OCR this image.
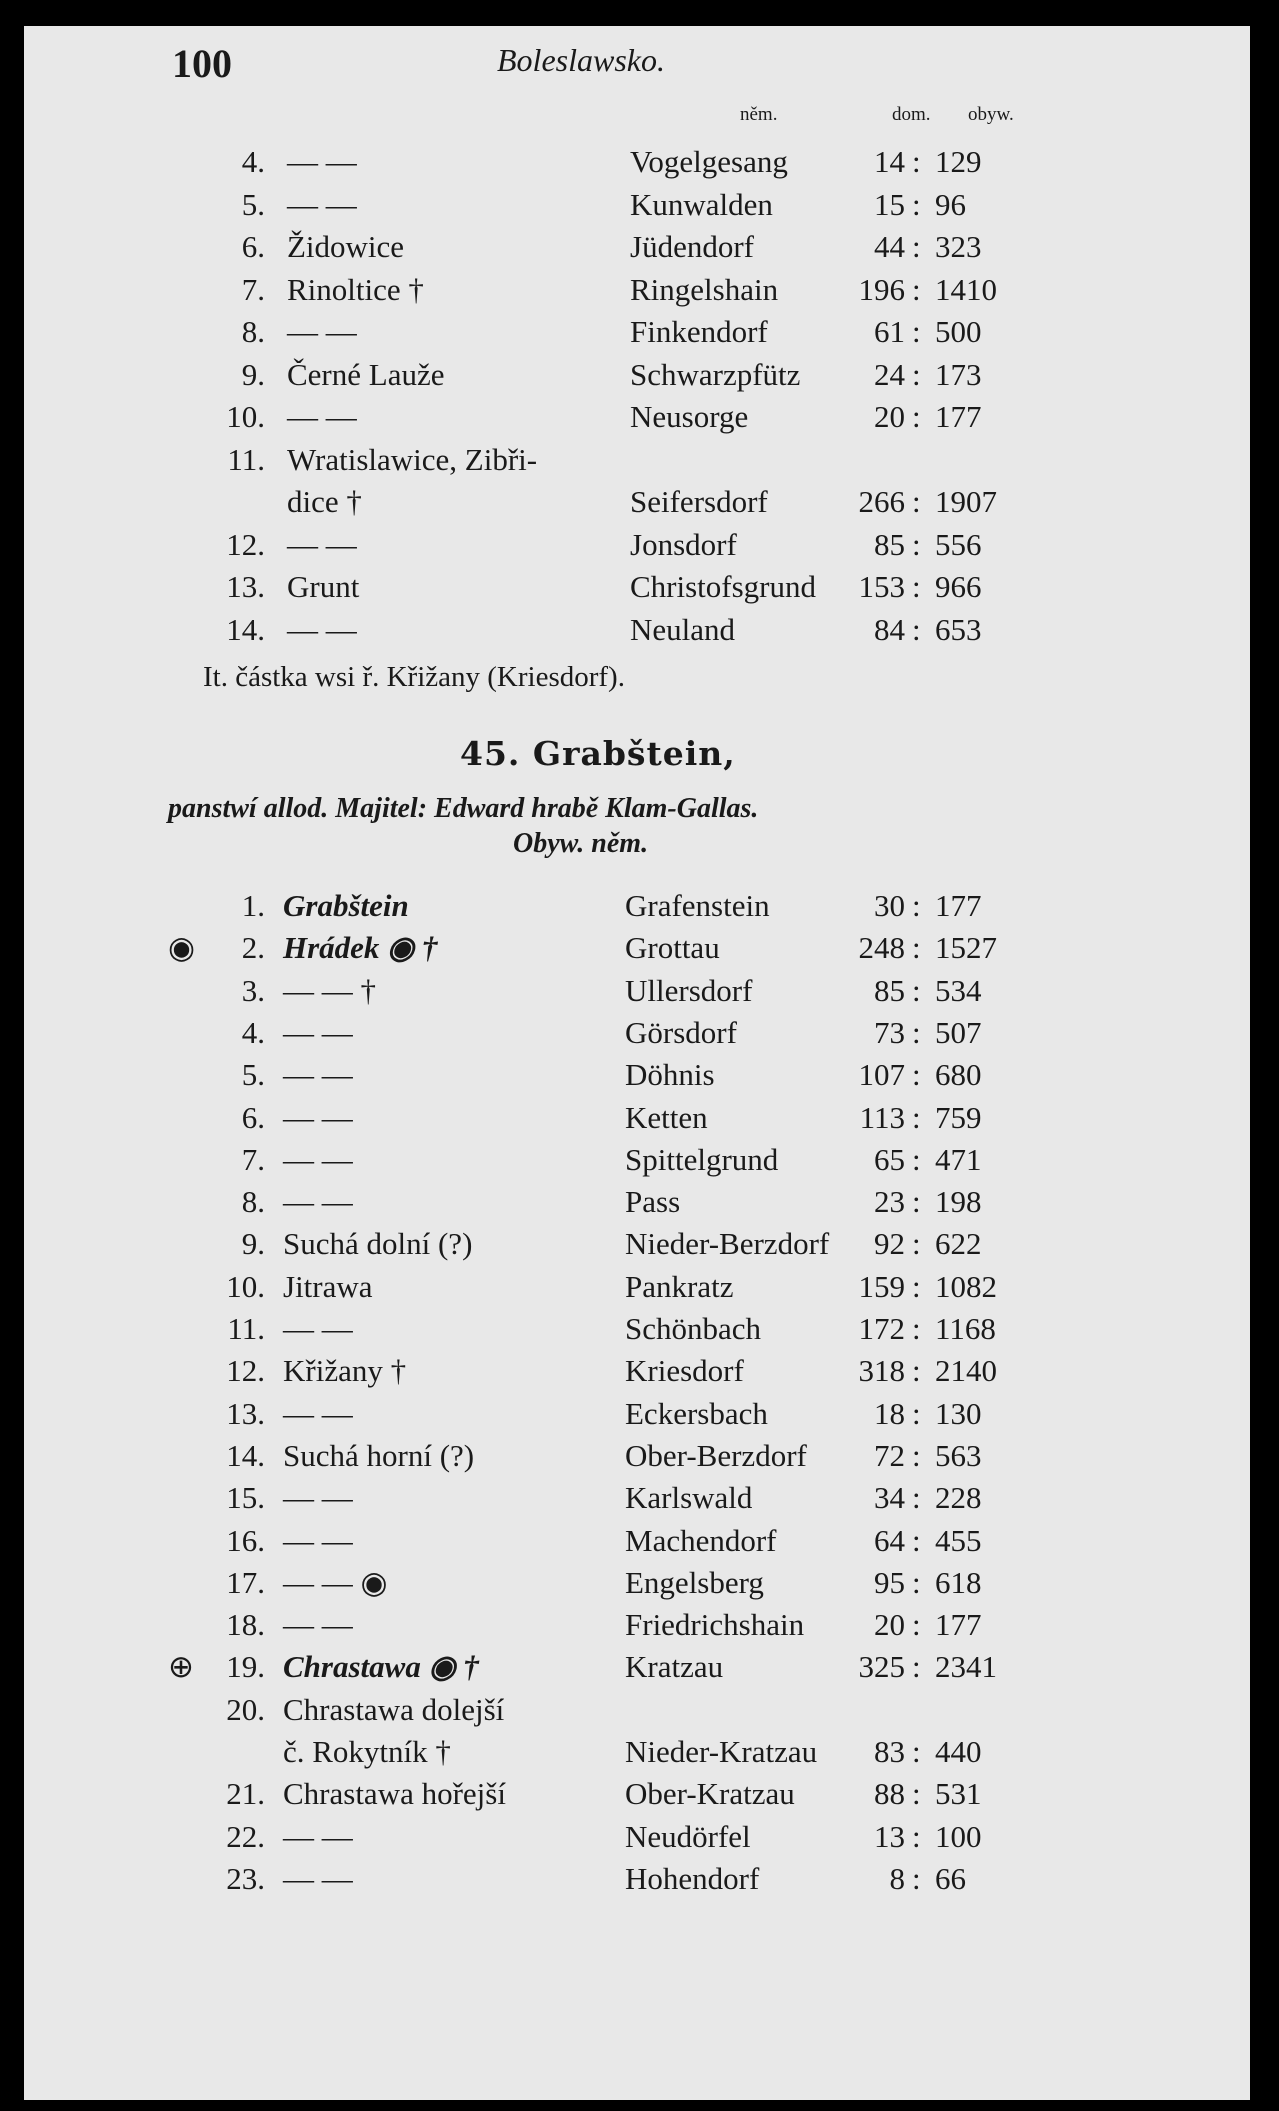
100	Boleslawsko.
něm.	dom. obyw.
4. — —	Vogelgesang	14 : 129
5. — —	Kunwalden	15 : 96
6. Židowice	Jüdendorf	44 : 323
7. Rinoltice †	Ringelshain	196 : 1410
8. — —	Finkendorf	61 : 500
9. Černé Lauže	Schwarzpfütz	24 : 173
10. — —	Neusorge	20 : 177
11. Wratislawice, Zibři-
dice †	Seifersdorf	266 : 1907
12. — —	Jonsdorf	85 : 556
13. Grunt	Christofsgrund	153 : 966
14. — —	Neuland	84 : 653
It. částka wsi ř. Křižany (Kriesdorf).
45. Grabštein,
panstwí allod. Majitel: Edward hrabě Klam-Gallas.
Obyw. něm.
1. Grabštein	Grafenstein	30 : 177
◉	2. Hrádek ◉ †	Grottau	248 : 1527
3. — — †	Ullersdorf	85 : 534
4. — —	Görsdorf	73 : 507
5. — —	Döhnis	107 : 680
6. — —	Ketten	113 : 759
7. — —	Spittelgrund	65 : 471
8. — —	Pass	23 : 198
9. Suchá dolní (?)	Nieder-Berzdorf	92 : 622
10. Jitrawa	Pankratz	159 : 1082
11. — —	Schönbach	172 : 1168
12. Křižany †	Kriesdorf	318 : 2140
13. — —	Eckersbach	18 : 130
14. Suchá horní (?)	Ober-Berzdorf	72 : 563
15. — —	Karlswald	34 : 228
16. — —	Machendorf	64 : 455
17. — — ◉	Engelsberg	95 : 618
18. — —	Friedrichshain	20 : 177
⊕	19. Chrastawa ◉ †	Kratzau	325 : 2341
20. Chrastawa dolejší
č. Rokytník †	Nieder-Kratzau	83 : 440
21. Chrastawa hořejší	Ober-Kratzau	88 : 531
22. — —	Neudörfel	13 : 100
23. — —	Hohendorf	8 : 66
